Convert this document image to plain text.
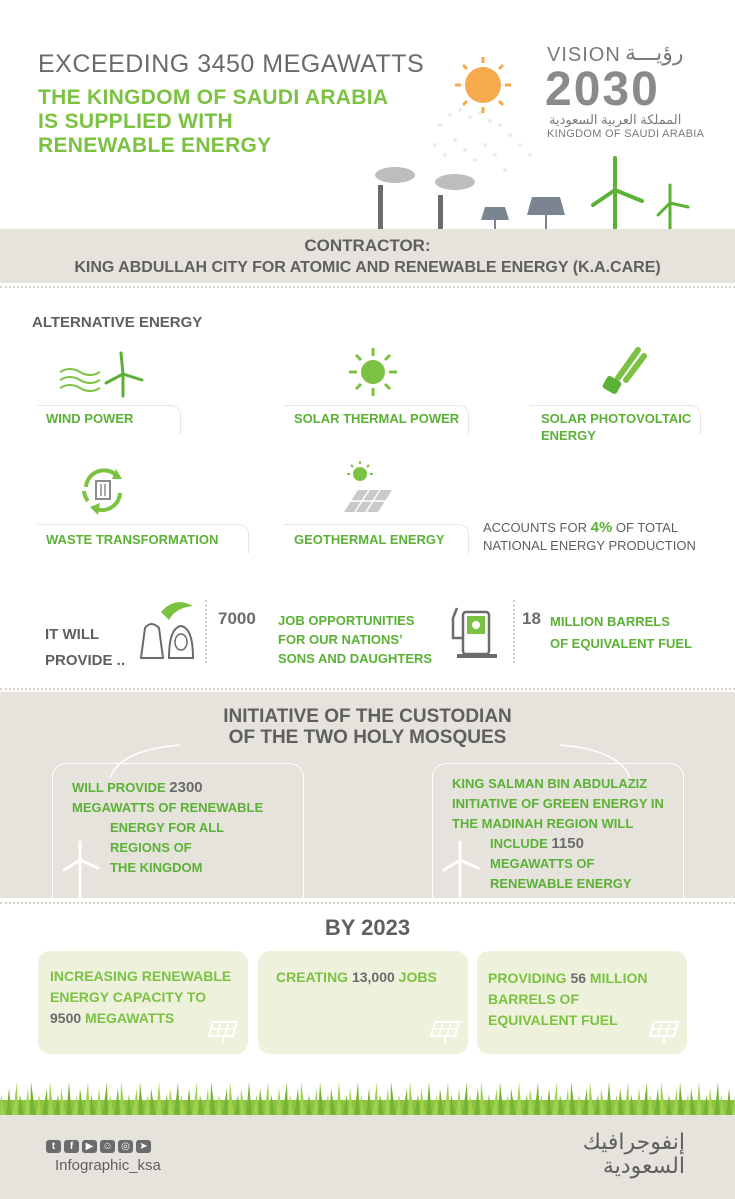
EXCEEDING 3450 MEGAWATTS
THE KINGDOM OF SAUDI ARABIA
IS SUPPLIED WITH
RENEWABLE ENERGY
VISION رؤيـــة
2030
المملكة العربية السعودية
KINGDOM OF SAUDI ARABIA
CONTRACTOR:
KING ABDULLAH CITY FOR ATOMIC AND RENEWABLE ENERGY (K.A.CARE)
ALTERNATIVE ENERGY
WIND POWER	SOLAR THERMAL POWER	SOLAR PHOTOVOLTAIC ENERGY
WASTE TRANSFORMATION	GEOTHERMAL ENERGY
ACCOUNTS FOR 4% OF TOTAL NATIONAL ENERGY PRODUCTION
IT WILL
PROVIDE ..
7000 JOB OPPORTUNITIES
FOR OUR NATIONS’
SONS AND DAUGHTERS
18 MILLION BARRELS
OF EQUIVALENT FUEL
INITIATIVE OF THE CUSTODIAN
OF THE TWO HOLY MOSQUES
WILL PROVIDE 2300
MEGAWATTS OF RENEWABLE
ENERGY FOR ALL
REGIONS OF
THE KINGDOM
KING SALMAN BIN ABDULAZIZ
INITIATIVE OF GREEN ENERGY IN
THE MADINAH REGION WILL
INCLUDE 1150
MEGAWATTS OF
RENEWABLE ENERGY
BY 2023
INCREASING RENEWABLE
ENERGY CAPACITY TO
9500 MEGAWATTS
CREATING 13,000 JOBS	PROVIDING 56 MILLION
BARRELS OF
EQUIVALENT FUEL
t f ▶ ☺ ◎ ➤
Infographic_ksa
إنفوجرافيك
السعودية
